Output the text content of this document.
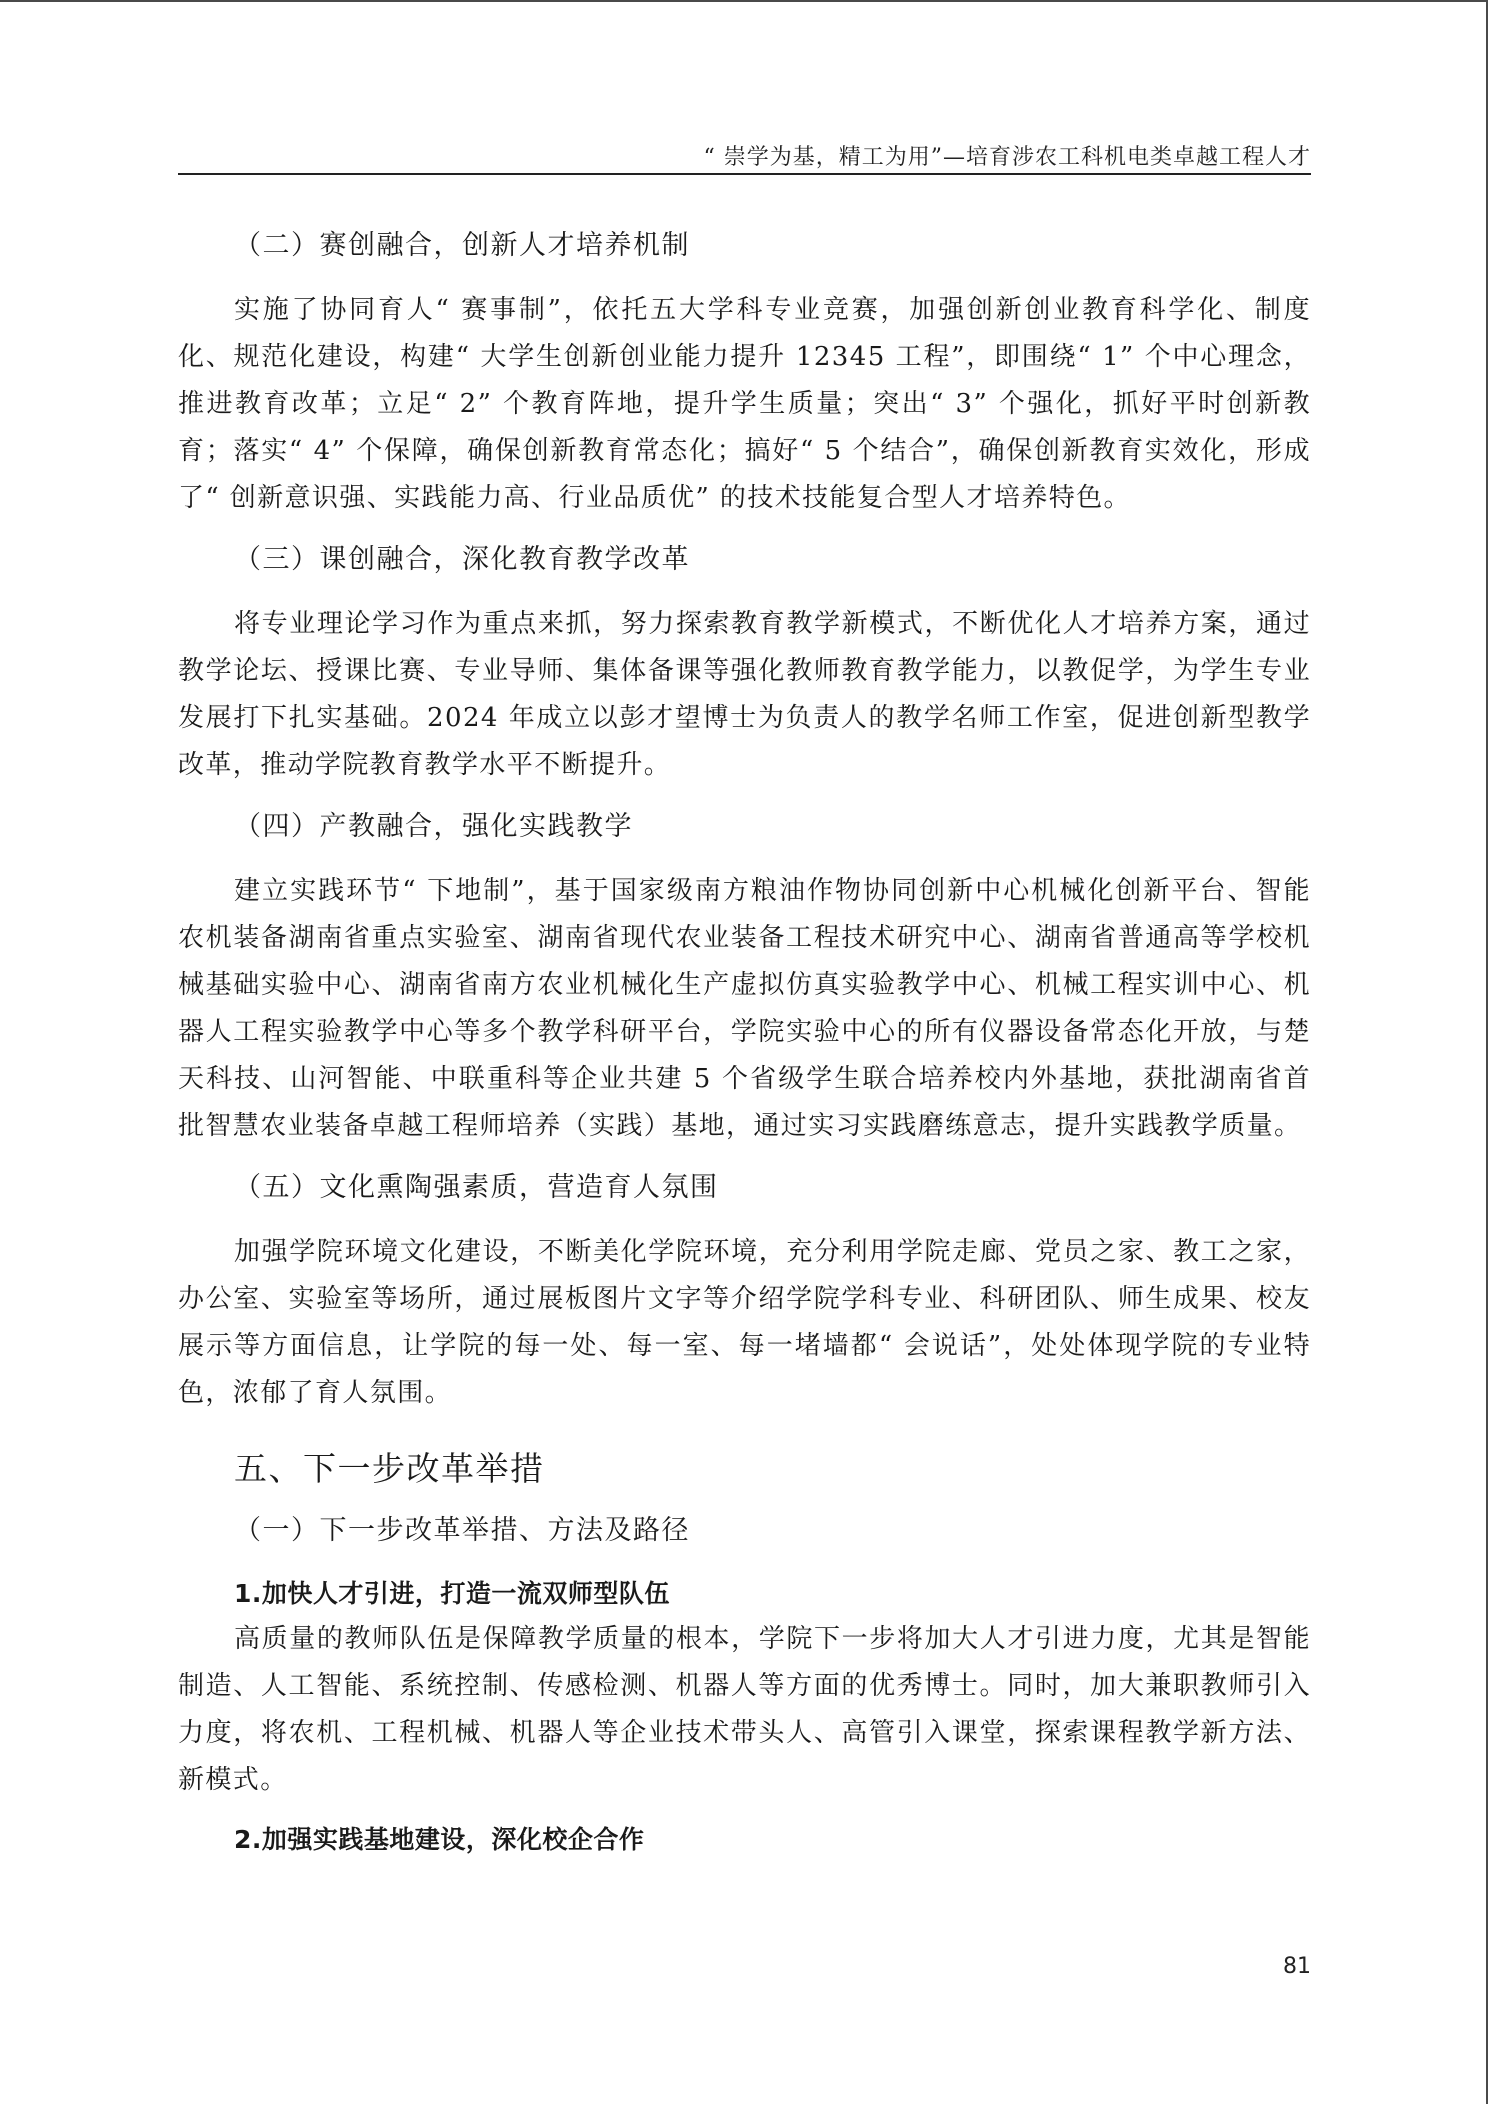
“ 崇学为基，精工为用”—培育涉农工科机电类卓越工程人才
（二）赛创融合，创新人才培养机制
实施了协同育人“ 赛事制”，依托五大学科专业竞赛，加强创新创业教育科学化、制度化、规范化建设，构建“ 大学生创新创业能力提升 12345 工程”，即围绕“ 1” 个中心理念，推进教育改革；立足“ 2” 个教育阵地，提升学生质量；突出“ 3” 个强化，抓好平时创新教育；落实“ 4” 个保障，确保创新教育常态化；搞好“ 5 个结合”，确保创新教育实效化，形成了“ 创新意识强、实践能力高、行业品质优” 的技术技能复合型人才培养特色。
（三）课创融合，深化教育教学改革
将专业理论学习作为重点来抓，努力探索教育教学新模式，不断优化人才培养方案，通过教学论坛、授课比赛、专业导师、集体备课等强化教师教育教学能力，以教促学，为学生专业发展打下扎实基础。2024 年成立以彭才望博士为负责人的教学名师工作室，促进创新型教学改革，推动学院教育教学水平不断提升。
（四）产教融合，强化实践教学
建立实践环节“ 下地制”，基于国家级南方粮油作物协同创新中心机械化创新平台、智能农机装备湖南省重点实验室、湖南省现代农业装备工程技术研究中心、湖南省普通高等学校机械基础实验中心、湖南省南方农业机械化生产虚拟仿真实验教学中心、机械工程实训中心、机器人工程实验教学中心等多个教学科研平台，学院实验中心的所有仪器设备常态化开放，与楚天科技、山河智能、中联重科等企业共建 5 个省级学生联合培养校内外基地，获批湖南省首批智慧农业装备卓越工程师培养（实践）基地，通过实习实践磨练意志，提升实践教学质量。
（五）文化熏陶强素质，营造育人氛围
加强学院环境文化建设，不断美化学院环境，充分利用学院走廊、党员之家、教工之家，办公室、实验室等场所，通过展板图片文字等介绍学院学科专业、科研团队、师生成果、校友展示等方面信息，让学院的每一处、每一室、每一堵墙都“ 会说话”，处处体现学院的专业特色，浓郁了育人氛围。
五、下一步改革举措
（一）下一步改革举措、方法及路径
1.加快人才引进，打造一流双师型队伍
高质量的教师队伍是保障教学质量的根本，学院下一步将加大人才引进力度，尤其是智能制造、人工智能、系统控制、传感检测、机器人等方面的优秀博士。同时，加大兼职教师引入力度，将农机、工程机械、机器人等企业技术带头人、高管引入课堂，探索课程教学新方法、新模式。
2.加强实践基地建设，深化校企合作
81
